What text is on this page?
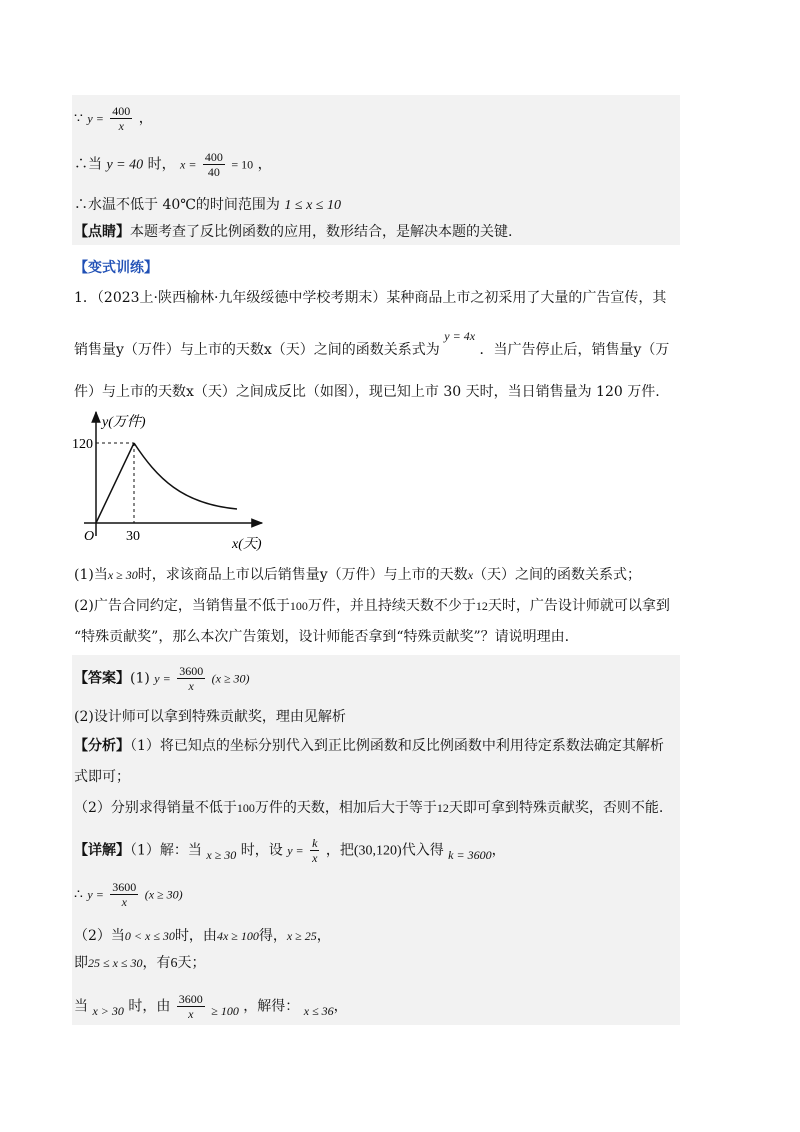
∵ $y = \frac{400}{x}$ ，
∴当 y = 40 时， $x = \frac{400}{40} = 10$ ，
∴水温不低于 40℃的时间范围为 1 ≤ x ≤ 10
【点睛】本题考查了反比例函数的应用，数形结合，是解决本题的关键.
【变式训练】
1．（2023上·陕西榆林·九年级绥德中学校考期末）某种商品上市之初采用了大量的广告宣传，其
销售量y（万件）与上市的天数x（天）之间的函数关系式为 y = 4x ．当广告停止后，销售量y（万
件）与上市的天数x（天）之间成反比（如图），现已知上市 30 天时，当日销售量为 120 万件.
y(万件)
120
O 30
x(天)
(1)当x ≥ 30时，求该商品上市以后销售量y（万件）与上市的天数x（天）之间的函数关系式；
(2)广告合同约定，当销售量不低于100万件，并且持续天数不少于12天时，广告设计师就可以拿到
“特殊贡献奖”，那么本次广告策划，设计师能否拿到“特殊贡献奖”？请说明理由.
【答案】(1) $y = \frac{3600}{x} (x \ge 30)$
(2)设计师可以拿到特殊贡献奖，理由见解析
【分析】（1）将已知点的坐标分别代入到正比例函数和反比例函数中利用待定系数法确定其解析
式即可；
（2）分别求得销量不低于100万件的天数，相加后大于等于12天即可拿到特殊贡献奖，否则不能.
【详解】（1）解：当 x ≥ 30 时，设 $y = \frac{k}{x}$ ，把(30,120)代入得 k = 3600，
∴ $y = \frac{3600}{x} (x \ge 30)$
（2）当0 < x ≤ 30时，由4x ≥ 100得，x ≥ 25，
即25 ≤ x ≤ 30，有6天；
当 x > 30 时，由 $\frac{3600}{x} \ge 100$ ，解得： x ≤ 36，
